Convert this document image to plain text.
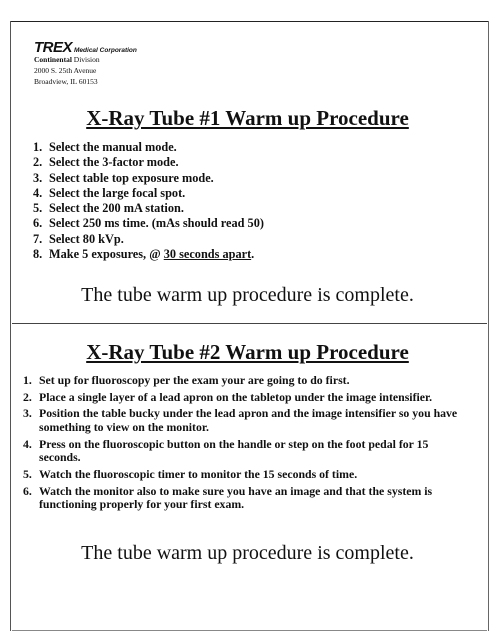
TREX Medical Corporation
Continental Division
2000 S. 25th Avenue
Broadview, IL 60153
X-Ray Tube #1 Warm up Procedure
1. Select the manual mode.
2. Select the 3-factor mode.
3. Select table top exposure mode.
4. Select the large focal spot.
5. Select the 200 mA station.
6. Select 250 ms time. (mAs should read 50)
7. Select 80 kVp.
8. Make 5 exposures, @ 30 seconds apart.
The tube warm up procedure is complete.
X-Ray Tube #2 Warm up Procedure
1. Set up for fluoroscopy per the exam your are going to do first.
2. Place a single layer of a lead apron on the tabletop under the image intensifier.
3. Position the table bucky under the lead apron and the image intensifier so you have something to view on the monitor.
4. Press on the fluoroscopic button on the handle or step on the foot pedal for 15 seconds.
5. Watch the fluoroscopic timer to monitor the 15 seconds of time.
6. Watch the monitor also to make sure you have an image and that the system is functioning properly for your first exam.
The tube warm up procedure is complete.
